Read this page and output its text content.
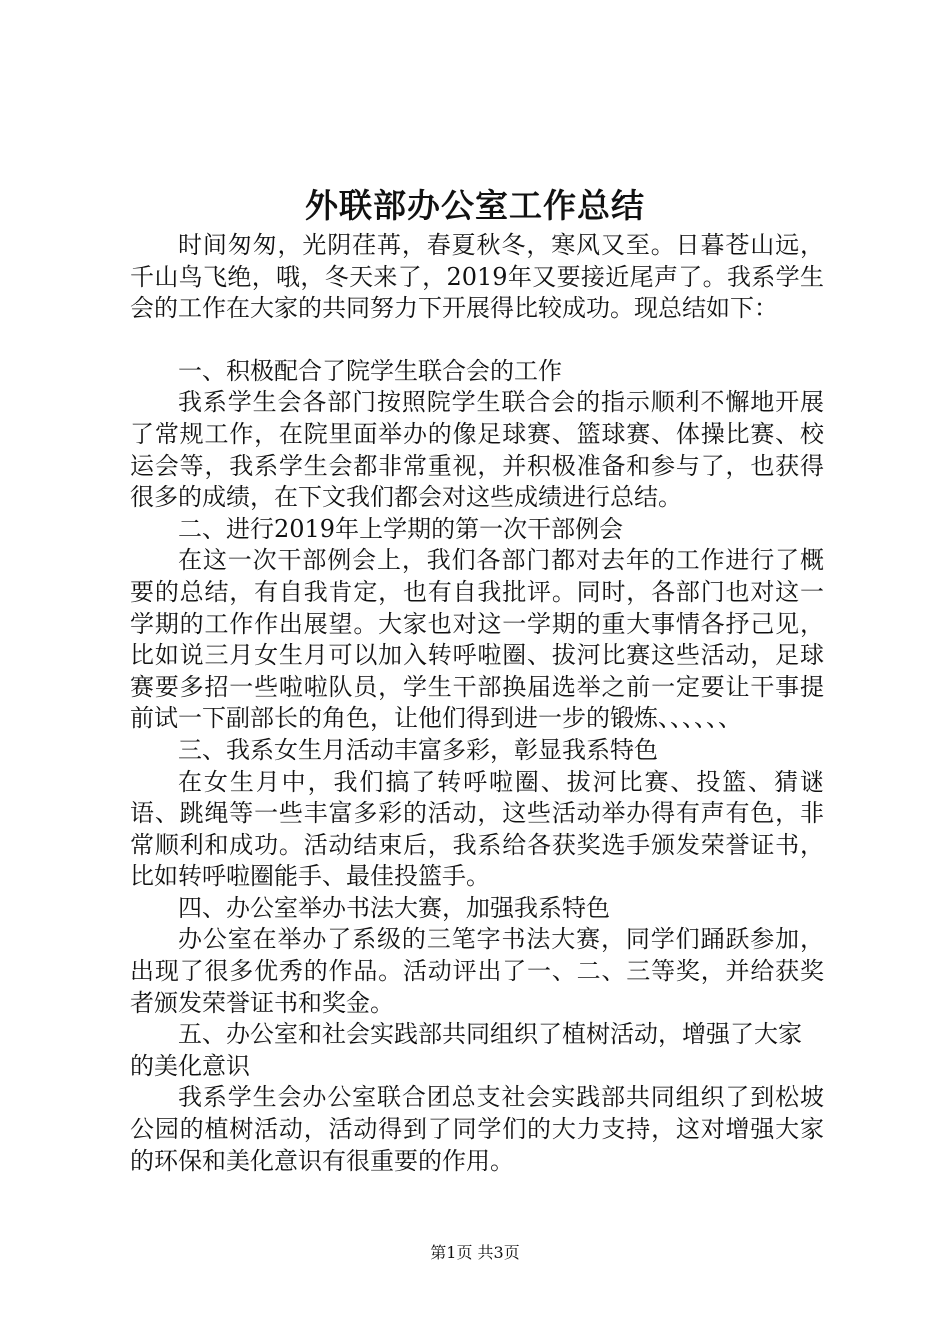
外联部办公室工作总结

时间匆匆，光阴荏苒，春夏秋冬，寒风又至。日暮苍山远，千山鸟飞绝，哦，冬天来了，2019年又要接近尾声了。我系学生会的工作在大家的共同努力下开展得比较成功。现总结如下：

一、积极配合了院学生联合会的工作

我系学生会各部门按照院学生联合会的指示顺利不懈地开展了常规工作，在院里面举办的像足球赛、篮球赛、体操比赛、校运会等，我系学生会都非常重视，并积极准备和参与了，也获得很多的成绩，在下文我们都会对这些成绩进行总结。

二、进行2019年上学期的第一次干部例会

在这一次干部例会上，我们各部门都对去年的工作进行了概要的总结，有自我肯定，也有自我批评。同时，各部门也对这一学期的工作作出展望。大家也对这一学期的重大事情各抒己见，比如说三月女生月可以加入转呼啦圈、拔河比赛这些活动，足球赛要多招一些啦啦队员，学生干部换届选举之前一定要让干事提前试一下副部长的角色，让他们得到进一步的锻炼、、、、、、

三、我系女生月活动丰富多彩，彰显我系特色

在女生月中，我们搞了转呼啦圈、拔河比赛、投篮、猜谜语、跳绳等一些丰富多彩的活动，这些活动举办得有声有色，非常顺利和成功。活动结束后，我系给各获奖选手颁发荣誉证书，比如转呼啦圈能手、最佳投篮手。

四、办公室举办书法大赛，加强我系特色

办公室在举办了系级的三笔字书法大赛，同学们踊跃参加，出现了很多优秀的作品。活动评出了一、二、三等奖，并给获奖者颁发荣誉证书和奖金。

五、办公室和社会实践部共同组织了植树活动，增强了大家的美化意识

我系学生会办公室联合团总支社会实践部共同组织了到松坡公园的植树活动，活动得到了同学们的大力支持，这对增强大家的环保和美化意识有很重要的作用。

第1页 共3页
